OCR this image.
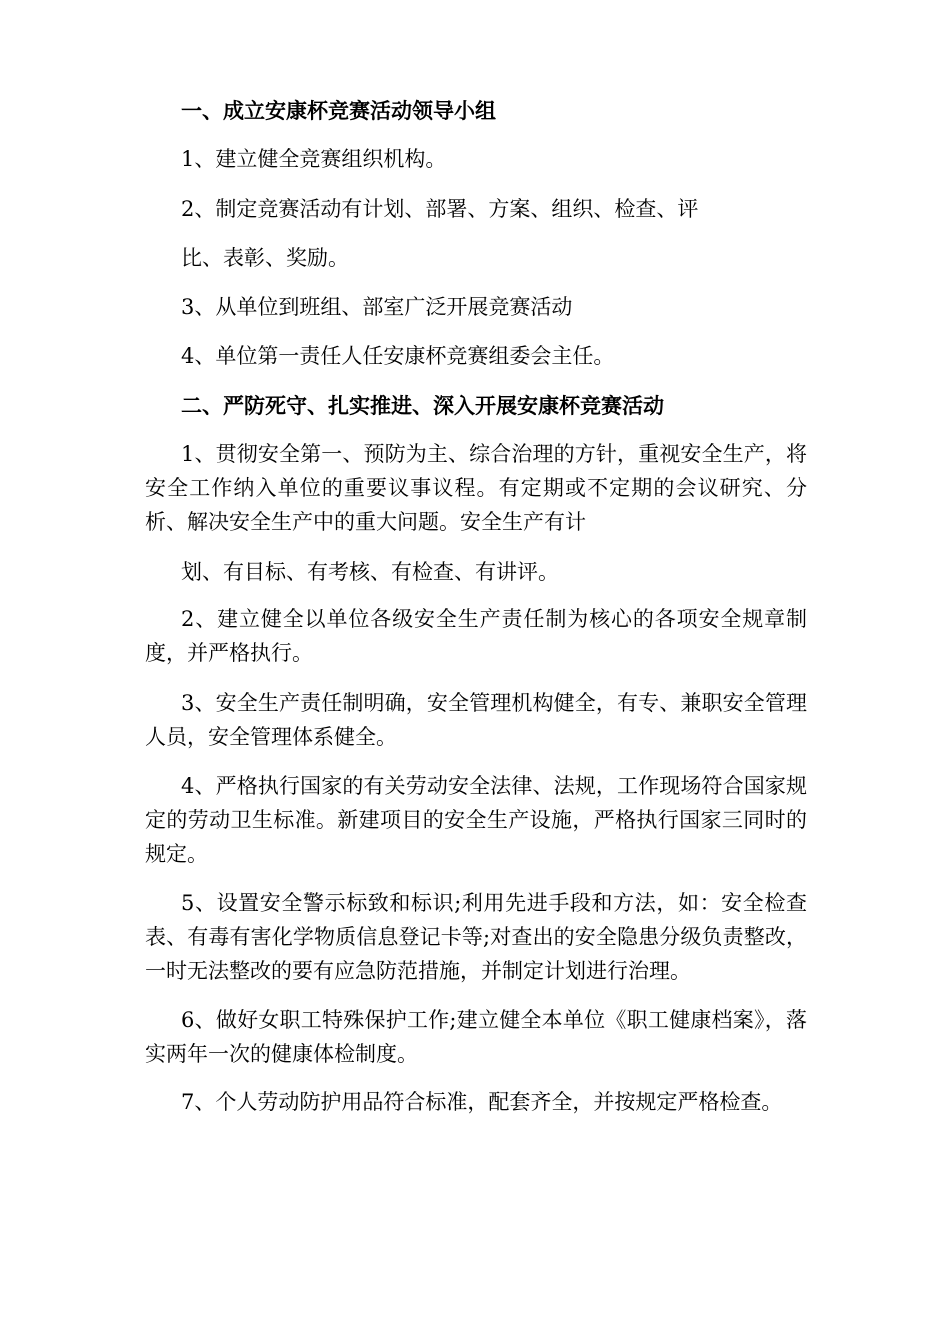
一、成立安康杯竞赛活动领导小组
1、建立健全竞赛组织机构。
2、制定竞赛活动有计划、部署、方案、组织、检查、评
比、表彰、奖励。
3、从单位到班组、部室广泛开展竞赛活动
4、单位第一责任人任安康杯竞赛组委会主任。
二、严防死守、扎实推进、深入开展安康杯竞赛活动
1、贯彻安全第一、预防为主、综合治理的方针，重视安全生产，将安全工作纳入单位的重要议事议程。有定期或不定期的会议研究、分析、解决安全生产中的重大问题。安全生产有计
划、有目标、有考核、有检查、有讲评。
2、建立健全以单位各级安全生产责任制为核心的各项安全规章制度，并严格执行。
3、安全生产责任制明确，安全管理机构健全，有专、兼职安全管理人员，安全管理体系健全。
4、严格执行国家的有关劳动安全法律、法规，工作现场符合国家规定的劳动卫生标准。新建项目的安全生产设施，严格执行国家三同时的规定。
5、设置安全警示标致和标识;利用先进手段和方法，如：安全检查表、有毒有害化学物质信息登记卡等;对查出的安全隐患分级负责整改，一时无法整改的要有应急防范措施，并制定计划进行治理。
6、做好女职工特殊保护工作;建立健全本单位《职工健康档案》，落实两年一次的健康体检制度。
7、个人劳动防护用品符合标准，配套齐全，并按规定严格检查。
